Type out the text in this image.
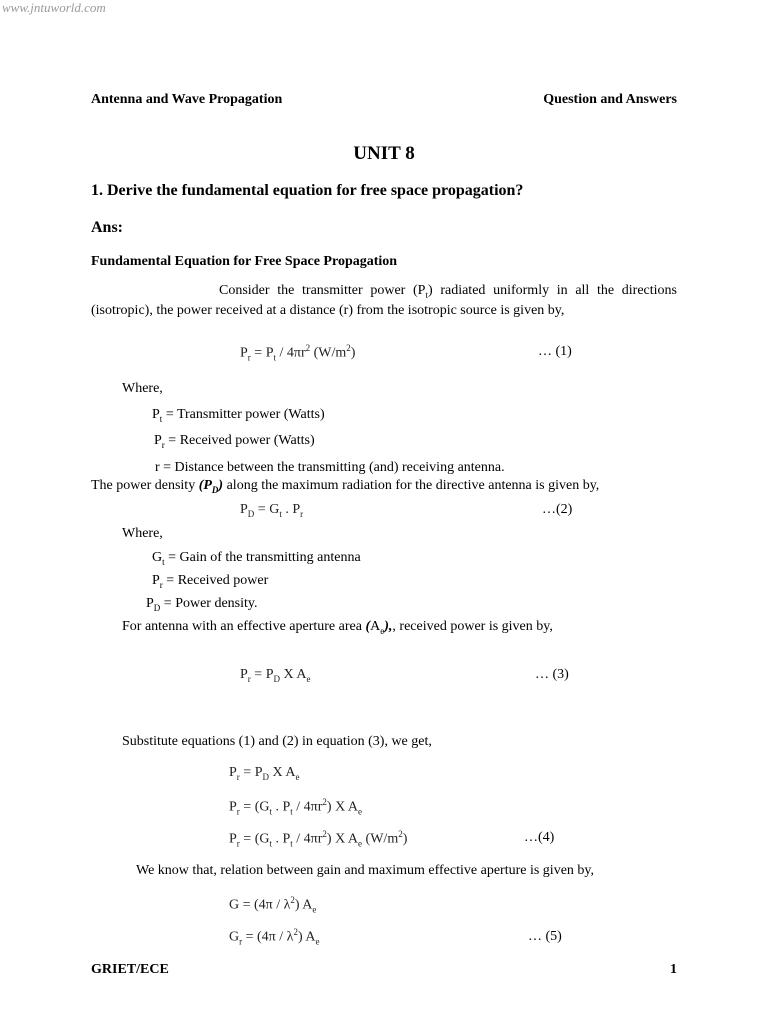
www.jntuworld.com
Antenna and Wave Propagation	Question and Answers
UNIT 8
1. Derive the fundamental equation for free space propagation?
Ans:
Fundamental Equation for Free Space Propagation
Consider the transmitter power $(P_t)$ radiated uniformly in all the directions (isotropic), the power received at a distance (r) from the isotropic source is given by,
$P_r = P_t / 4\pi r^2$ $(W/m^2)$	… (1)
Where,
$P_t$ = Transmitter power (Watts)
$P_r$ = Received power (Watts)
r = Distance between the transmitting (and) receiving antenna.
The power density $(P_D)$ along the maximum radiation for the directive antenna is given by,
$P_D = G_t$ . $P_r$	…(2)
Where,
$G_t$ = Gain of the transmitting antenna
$P_r$ = Received power
$P_D$ = Power density.
For antenna with an effective aperture area $(A_e)$,, received power is given by,
$P_r = P_D$ X $A_e$	… (3)
Substitute equations (1) and (2) in equation (3), we get,
$P_r = P_D$ X $A_e$
$P_r = (G_t$ . $P_t / 4\pi r^2$) X $A_e$
$P_r = (G_t$ . $P_t / 4\pi r^2$) X $A_e$ $(W/m^2)$	…(4)
We know that, relation between gain and maximum effective aperture is given by,
$G = (4\pi / \lambda^2)$ $A_e$
$G_r = (4\pi / \lambda^2)$ $A_e$	… (5)
GRIET/ECE	1
